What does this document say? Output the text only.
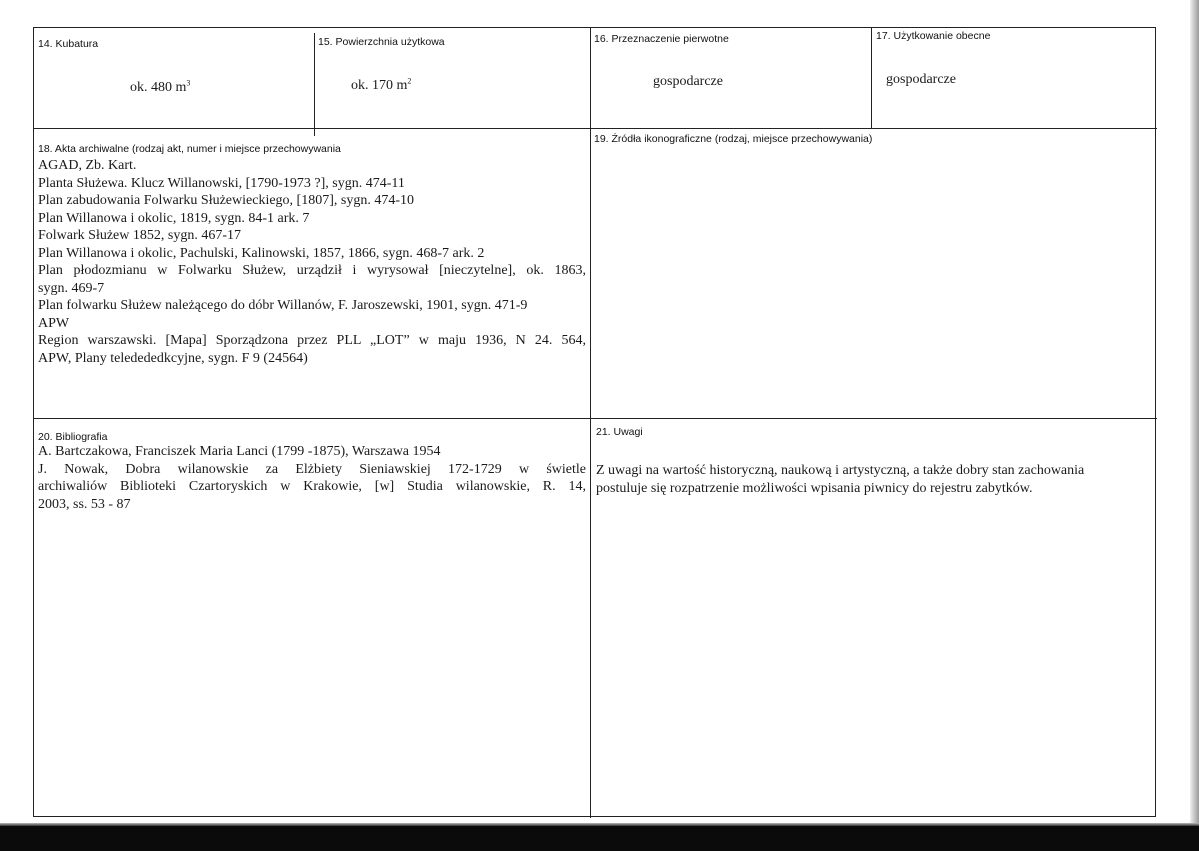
14. Kubatura
ok. 480 $m^3$
15. Powierzchnia użytkowa
ok. 170 $m^2$
16. Przeznaczenie pierwotne
gospodarcze
17. Użytkowanie obecne
gospodarcze
18. Akta archiwalne (rodzaj akt, numer i miejsce przechowywania
AGAD, Zb. Kart.
Planta Służewa. Klucz Willanowski, [1790-1973 ?], sygn. 474-11
Plan zabudowania Folwarku Służewieckiego, [1807], sygn. 474-10
Plan Willanowa i okolic, 1819, sygn. 84-1 ark. 7
Folwark Służew 1852, sygn. 467-17
Plan Willanowa i okolic, Pachulski, Kalinowski, 1857, 1866, sygn. 468-7 ark. 2
Plan płodozmianu w Folwarku Służew, urządził i wyrysował [nieczytelne], ok. 1863,
sygn. 469-7
Plan folwarku Służew należącego do dóbr Willanów, F. Jaroszewski, 1901, sygn. 471-9
APW
Region warszawski. [Mapa] Sporządzona przez PLL „LOT” w maju 1936, N 24. 564,
APW, Plany teledededkcyjne, sygn. F 9 (24564)
19. Źródła ikonograficzne (rodzaj, miejsce przechowywania)
20. Bibliografia
A. Bartczakowa, Franciszek Maria Lanci (1799 -1875), Warszawa 1954
J. Nowak, Dobra wilanowskie za Elżbiety Sieniawskiej 172-1729 w świetle
archiwaliów Biblioteki Czartoryskich w Krakowie, [w] Studia wilanowskie, R. 14,
2003, ss. 53 - 87
21. Uwagi
Z uwagi na wartość historyczną, naukową i artystyczną, a także dobry stan zachowania
postuluje się rozpatrzenie możliwości wpisania piwnicy do rejestru zabytków.
